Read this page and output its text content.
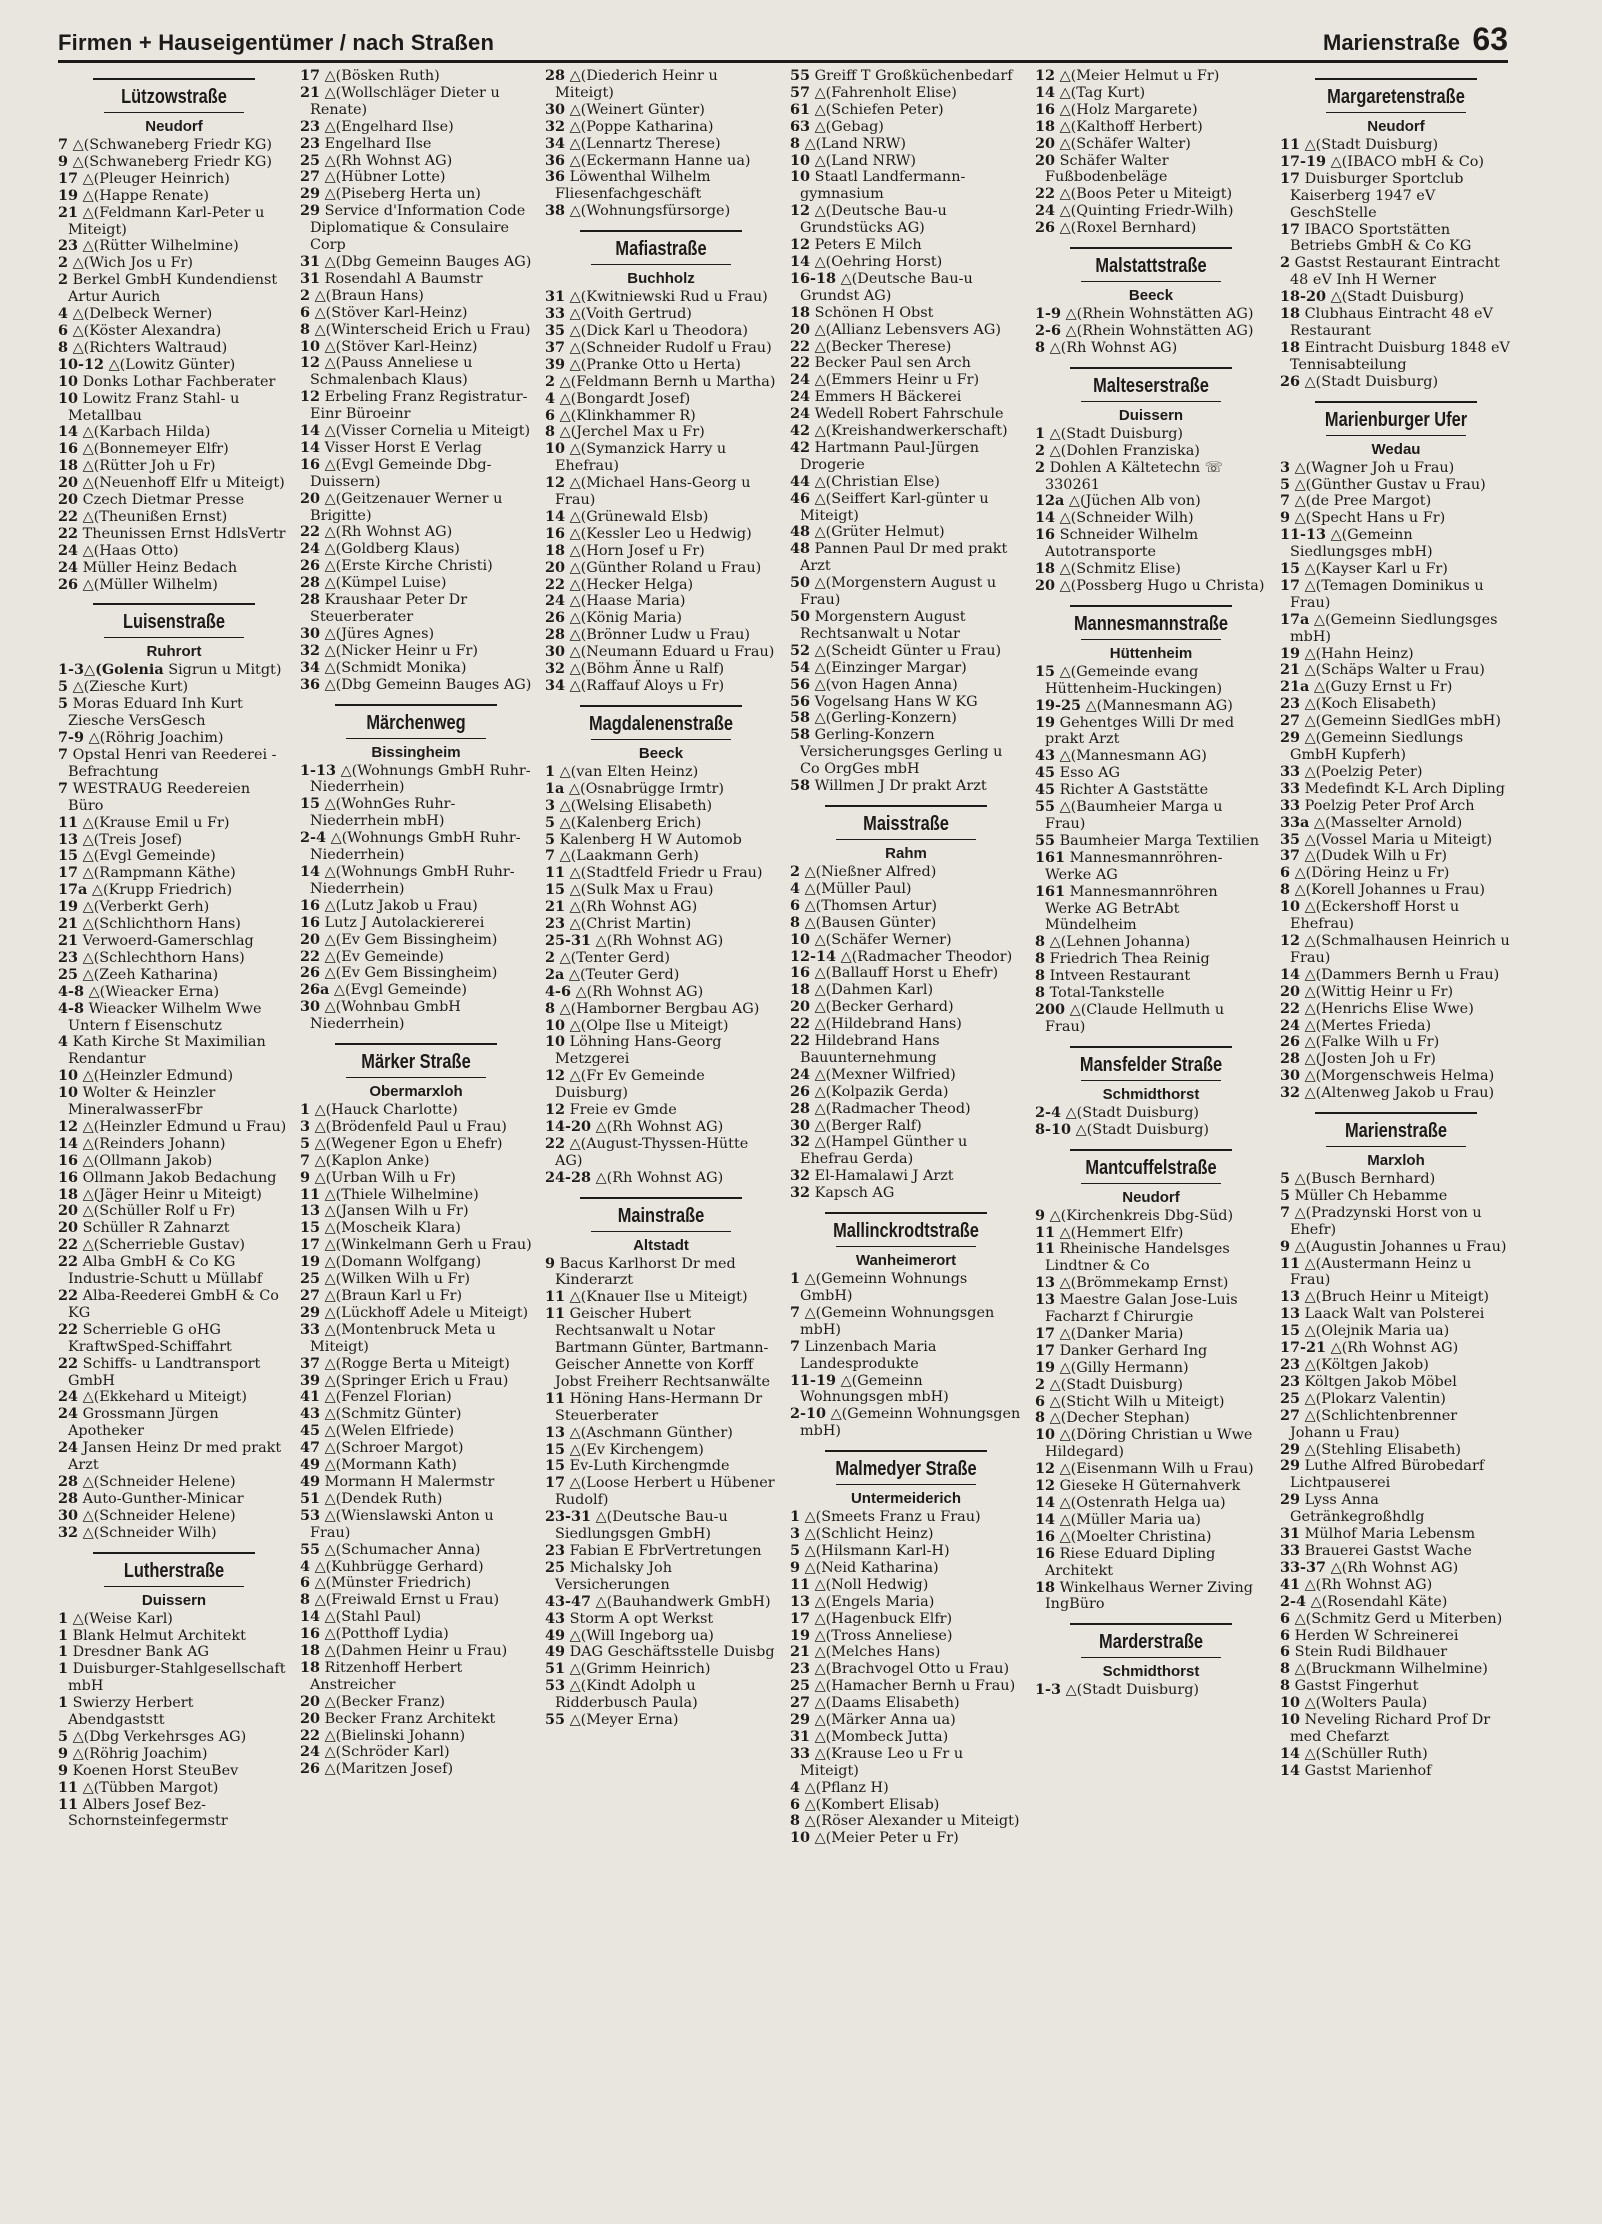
Firmen + Hauseigentümer / nach Straßen	Marienstraße 63
Lützowstraße
Neudorf
7 △(Schwaneberg Friedr KG)
9 △(Schwaneberg Friedr KG)
17 △(Pleuger Heinrich)
19 △(Happe Renate)
21 △(Feldmann Karl-Peter u Miteigt)
23 △(Rütter Wilhelmine)
2 △(Wich Jos u Fr)
2 Berkel GmbH Kundendienst Artur Aurich
4 △(Delbeck Werner)
6 △(Köster Alexandra)
8 △(Richters Waltraud)
10-12 △(Lowitz Günter)
10 Donks Lothar Fachberater
10 Lowitz Franz Stahl- u Metallbau
14 △(Karbach Hilda)
16 △(Bonnemeyer Elfr)
18 △(Rütter Joh u Fr)
20 △(Neuenhoff Elfr u Miteigt)
20 Czech Dietmar Presse
22 △(Theunißen Ernst)
22 Theunissen Ernst HdlsVertr
24 △(Haas Otto)
24 Müller Heinz Bedach
26 △(Müller Wilhelm)
Luisenstraße
Ruhrort
1-3△(Golenia Sigrun u Mitgt)
5 △(Ziesche Kurt)
5 Moras Eduard Inh Kurt Ziesche VersGesch
7-9 △(Röhrig Joachim)
7 Opstal Henri van Reederei - Befrachtung
7 WESTRAUG Reedereien Büro
11 △(Krause Emil u Fr)
13 △(Treis Josef)
15 △(Evgl Gemeinde)
17 △(Rampmann Käthe)
17a △(Krupp Friedrich)
19 △(Verberkt Gerh)
21 △(Schlichthorn Hans)
21 Verwoerd-Gamerschlag
23 △(Schlechthorn Hans)
25 △(Zeeh Katharina)
4-8 △(Wieacker Erna)
4-8 Wieacker Wilhelm Wwe Untern f Eisenschutz
4 Kath Kirche St Maximilian Rendantur
10 △(Heinzler Edmund)
10 Wolter & Heinzler MineralwasserFbr
12 △(Heinzler Edmund u Frau)
14 △(Reinders Johann)
16 △(Ollmann Jakob)
16 Ollmann Jakob Bedachung
18 △(Jäger Heinr u Miteigt)
20 △(Schüller Rolf u Fr)
20 Schüller R Zahnarzt
22 △(Scherrieble Gustav)
22 Alba GmbH & Co KG Industrie-Schutt u Müllabf
22 Alba-Reederei GmbH & Co KG
22 Scherrieble G oHG KraftwSped-Schiffahrt
22 Schiffs- u Landtransport GmbH
24 △(Ekkehard u Miteigt)
24 Grossmann Jürgen Apotheker
24 Jansen Heinz Dr med prakt Arzt
28 △(Schneider Helene)
28 Auto-Gunther-Minicar
30 △(Schneider Helene)
32 △(Schneider Wilh)
Lutherstraße
Duissern
1 △(Weise Karl)
1 Blank Helmut Architekt
1 Dresdner Bank AG
1 Duisburger-Stahlgesellschaft mbH
1 Swierzy Herbert Abendgaststt
5 △(Dbg Verkehrsges AG)
9 △(Röhrig Joachim)
9 Koenen Horst SteuBev
11 △(Tübben Margot)
11 Albers Josef Bez-Schornsteinfegermstr
17 △(Bösken Ruth)
21 △(Wollschläger Dieter u Renate)
23 △(Engelhard Ilse)
23 Engelhard Ilse
25 △(Rh Wohnst AG)
27 △(Hübner Lotte)
29 △(Piseberg Herta un)
29 Service d'Information Code Diplomatique & Consulaire Corp
31 △(Dbg Gemeinn Bauges AG)
31 Rosendahl A Baumstr
2 △(Braun Hans)
6 △(Stöver Karl-Heinz)
8 △(Winterscheid Erich u Frau)
10 △(Stöver Karl-Heinz)
12 △(Pauss Anneliese u Schmalenbach Klaus)
12 Erbeling Franz Registratur-Einr Büroeinr
14 △(Visser Cornelia u Miteigt)
14 Visser Horst E Verlag
16 △(Evgl Gemeinde Dbg-Duissern)
20 △(Geitzenauer Werner u Brigitte)
22 △(Rh Wohnst AG)
24 △(Goldberg Klaus)
26 △(Erste Kirche Christi)
28 △(Kümpel Luise)
28 Kraushaar Peter Dr Steuerberater
30 △(Jüres Agnes)
32 △(Nicker Heinr u Fr)
34 △(Schmidt Monika)
36 △(Dbg Gemeinn Bauges AG)
Märchenweg
Bissingheim
1-13 △(Wohnungs GmbH Ruhr-Niederrhein)
15 △(WohnGes Ruhr-Niederrhein mbH)
2-4 △(Wohnungs GmbH Ruhr-Niederrhein)
14 △(Wohnungs GmbH Ruhr-Niederrhein)
16 △(Lutz Jakob u Frau)
16 Lutz J Autolackiererei
20 △(Ev Gem Bissingheim)
22 △(Ev Gemeinde)
26 △(Ev Gem Bissingheim)
26a △(Evgl Gemeinde)
30 △(Wohnbau GmbH Niederrhein)
Märker Straße
Obermarxloh
1 △(Hauck Charlotte)
3 △(Brödenfeld Paul u Frau)
5 △(Wegener Egon u Ehefr)
7 △(Kaplon Anke)
9 △(Urban Wilh u Fr)
11 △(Thiele Wilhelmine)
13 △(Jansen Wilh u Fr)
15 △(Moscheik Klara)
17 △(Winkelmann Gerh u Frau)
19 △(Domann Wolfgang)
25 △(Wilken Wilh u Fr)
27 △(Braun Karl u Fr)
29 △(Lückhoff Adele u Miteigt)
33 △(Montenbruck Meta u Miteigt)
37 △(Rogge Berta u Miteigt)
39 △(Springer Erich u Frau)
41 △(Fenzel Florian)
43 △(Schmitz Günter)
45 △(Welen Elfriede)
47 △(Schroer Margot)
49 △(Mormann Kath)
49 Mormann H Malermstr
51 △(Dendek Ruth)
53 △(Wienslawski Anton u Frau)
55 △(Schumacher Anna)
4 △(Kuhbrügge Gerhard)
6 △(Münster Friedrich)
8 △(Freiwald Ernst u Frau)
14 △(Stahl Paul)
16 △(Potthoff Lydia)
18 △(Dahmen Heinr u Frau)
18 Ritzenhoff Herbert Anstreicher
20 △(Becker Franz)
20 Becker Franz Architekt
22 △(Bielinski Johann)
24 △(Schröder Karl)
26 △(Maritzen Josef)
28 △(Diederich Heinr u Miteigt)
30 △(Weinert Günter)
32 △(Poppe Katharina)
34 △(Lennartz Therese)
36 △(Eckermann Hanne ua)
36 Löwenthal Wilhelm Fliesenfachgeschäft
38 △(Wohnungsfürsorge)
Mafiastraße
Buchholz
31 △(Kwitniewski Rud u Frau)
33 △(Voith Gertrud)
35 △(Dick Karl u Theodora)
37 △(Schneider Rudolf u Frau)
39 △(Pranke Otto u Herta)
2 △(Feldmann Bernh u Martha)
4 △(Bongardt Josef)
6 △(Klinkhammer R)
8 △(Jerchel Max u Fr)
10 △(Symanzick Harry u Ehefrau)
12 △(Michael Hans-Georg u Frau)
14 △(Grünewald Elsb)
16 △(Kessler Leo u Hedwig)
18 △(Horn Josef u Fr)
20 △(Günther Roland u Frau)
22 △(Hecker Helga)
24 △(Haase Maria)
26 △(König Maria)
28 △(Brönner Ludw u Frau)
30 △(Neumann Eduard u Frau)
32 △(Böhm Änne u Ralf)
34 △(Raffauf Aloys u Fr)
Magdalenenstraße
Beeck
1 △(van Elten Heinz)
1a △(Osnabrügge Irmtr)
3 △(Welsing Elisabeth)
5 △(Kalenberg Erich)
5 Kalenberg H W Automob
7 △(Laakmann Gerh)
11 △(Stadtfeld Friedr u Frau)
15 △(Sulk Max u Frau)
21 △(Rh Wohnst AG)
23 △(Christ Martin)
25-31 △(Rh Wohnst AG)
2 △(Tenter Gerd)
2a △(Teuter Gerd)
4-6 △(Rh Wohnst AG)
8 △(Hamborner Bergbau AG)
10 △(Olpe Ilse u Miteigt)
10 Löhning Hans-Georg Metzgerei
12 △(Fr Ev Gemeinde Duisburg)
12 Freie ev Gmde
14-20 △(Rh Wohnst AG)
22 △(August-Thyssen-Hütte AG)
24-28 △(Rh Wohnst AG)
Mainstraße
Altstadt
9 Bacus Karlhorst Dr med Kinderarzt
11 △(Knauer Ilse u Miteigt)
11 Geischer Hubert Rechtsanwalt u Notar Bartmann Günter, Bartmann-Geischer Annette von Korff Jobst Freiherr Rechtsanwälte
11 Höning Hans-Hermann Dr Steuerberater
13 △(Aschmann Günther)
15 △(Ev Kirchengem)
15 Ev-Luth Kirchengmde
17 △(Loose Herbert u Hübener Rudolf)
23-31 △(Deutsche Bau-u Siedlungsgen GmbH)
23 Fabian E FbrVertretungen
25 Michalsky Joh Versicherungen
43-47 △(Bauhandwerk GmbH)
43 Storm A opt Werkst
49 △(Will Ingeborg ua)
49 DAG Geschäftsstelle Duisbg
51 △(Grimm Heinrich)
53 △(Kindt Adolph u Ridderbusch Paula)
55 △(Meyer Erna)
55 Greiff T Großküchenbedarf
57 △(Fahrenholt Elise)
61 △(Schiefen Peter)
63 △(Gebag)
8 △(Land NRW)
10 △(Land NRW)
10 Staatl Landfermann-gymnasium
12 △(Deutsche Bau-u Grundstücks AG)
12 Peters E Milch
14 △(Oehring Horst)
16-18 △(Deutsche Bau-u Grundst AG)
18 Schönen H Obst
20 △(Allianz Lebensvers AG)
22 △(Becker Therese)
22 Becker Paul sen Arch
24 △(Emmers Heinr u Fr)
24 Emmers H Bäckerei
24 Wedell Robert Fahrschule
42 △(Kreishandwerkerschaft)
42 Hartmann Paul-Jürgen Drogerie
44 △(Christian Else)
46 △(Seiffert Karl-günter u Miteigt)
48 △(Grüter Helmut)
48 Pannen Paul Dr med prakt Arzt
50 △(Morgenstern August u Frau)
50 Morgenstern August Rechtsanwalt u Notar
52 △(Scheidt Günter u Frau)
54 △(Einzinger Margar)
56 △(von Hagen Anna)
56 Vogelsang Hans W KG
58 △(Gerling-Konzern)
58 Gerling-Konzern Versicherungsges Gerling u Co OrgGes mbH
58 Willmen J Dr prakt Arzt
Maisstraße
Rahm
2 △(Nießner Alfred)
4 △(Müller Paul)
6 △(Thomsen Artur)
8 △(Bausen Günter)
10 △(Schäfer Werner)
12-14 △(Radmacher Theodor)
16 △(Ballauff Horst u Ehefr)
18 △(Dahmen Karl)
20 △(Becker Gerhard)
22 △(Hildebrand Hans)
22 Hildebrand Hans Bauunternehmung
24 △(Mexner Wilfried)
26 △(Kolpazik Gerda)
28 △(Radmacher Theod)
30 △(Berger Ralf)
32 △(Hampel Günther u Ehefrau Gerda)
32 El-Hamalawi J Arzt
32 Kapsch AG
Mallinckrodtstraße
Wanheimerort
1 △(Gemeinn Wohnungs GmbH)
7 △(Gemeinn Wohnungsgen mbH)
7 Linzenbach Maria Landesprodukte
11-19 △(Gemeinn Wohnungsgen mbH)
2-10 △(Gemeinn Wohnungsgen mbH)
Malmedyer Straße
Untermeiderich
1 △(Smeets Franz u Frau)
3 △(Schlicht Heinz)
5 △(Hilsmann Karl-H)
9 △(Neid Katharina)
11 △(Noll Hedwig)
13 △(Engels Maria)
17 △(Hagenbuck Elfr)
19 △(Tross Anneliese)
21 △(Melches Hans)
23 △(Brachvogel Otto u Frau)
25 △(Hamacher Bernh u Frau)
27 △(Daams Elisabeth)
29 △(Märker Anna ua)
31 △(Mombeck Jutta)
33 △(Krause Leo u Fr u Miteigt)
4 △(Pflanz H)
6 △(Kombert Elisab)
8 △(Röser Alexander u Miteigt)
10 △(Meier Peter u Fr)
12 △(Meier Helmut u Fr)
14 △(Tag Kurt)
16 △(Holz Margarete)
18 △(Kalthoff Herbert)
20 △(Schäfer Walter)
20 Schäfer Walter Fußbodenbeläge
22 △(Boos Peter u Miteigt)
24 △(Quinting Friedr-Wilh)
26 △(Roxel Bernhard)
Malstattstraße
Beeck
1-9 △(Rhein Wohnstätten AG)
2-6 △(Rhein Wohnstätten AG)
8 △(Rh Wohnst AG)
Malteserstraße
Duissern
1 △(Stadt Duisburg)
2 △(Dohlen Franziska)
2 Dohlen A Kältetechn ☏ 330261
12a △(Jüchen Alb von)
14 △(Schneider Wilh)
16 Schneider Wilhelm Autotransporte
18 △(Schmitz Elise)
20 △(Possberg Hugo u Christa)
Mannesmannstraße
Hüttenheim
15 △(Gemeinde evang Hüttenheim-Huckingen)
19-25 △(Mannesmann AG)
19 Gehentges Willi Dr med prakt Arzt
43 △(Mannesmann AG)
45 Esso AG
45 Richter A Gaststätte
55 △(Baumheier Marga u Frau)
55 Baumheier Marga Textilien
161 Mannesmannröhren-Werke AG
161 Mannesmannröhren Werke AG BetrAbt Mündelheim
8 △(Lehnen Johanna)
8 Friedrich Thea Reinig
8 Intveen Restaurant
8 Total-Tankstelle
200 △(Claude Hellmuth u Frau)
Mansfelder Straße
Schmidthorst
2-4 △(Stadt Duisburg)
8-10 △(Stadt Duisburg)
Mantcuffelstraße
Neudorf
9 △(Kirchenkreis Dbg-Süd)
11 △(Hemmert Elfr)
11 Rheinische Handelsges Lindtner & Co
13 △(Brömmekamp Ernst)
13 Maestre Galan Jose-Luis Facharzt f Chirurgie
17 △(Danker Maria)
17 Danker Gerhard Ing
19 △(Gilly Hermann)
2 △(Stadt Duisburg)
6 △(Sticht Wilh u Miteigt)
8 △(Decher Stephan)
10 △(Döring Christian u Wwe Hildegard)
12 △(Eisenmann Wilh u Frau)
12 Gieseke H Güternahverk
14 △(Ostenrath Helga ua)
14 △(Müller Maria ua)
16 △(Moelter Christina)
16 Riese Eduard Dipling Architekt
18 Winkelhaus Werner Ziving IngBüro
Marderstraße
Schmidthorst
1-3 △(Stadt Duisburg)
Margaretenstraße
Neudorf
11 △(Stadt Duisburg)
17-19 △(IBACO mbH & Co)
17 Duisburger Sportclub Kaiserberg 1947 eV GeschStelle
17 IBACO Sportstätten Betriebs GmbH & Co KG
2 Gastst Restaurant Eintracht 48 eV Inh H Werner
18-20 △(Stadt Duisburg)
18 Clubhaus Eintracht 48 eV Restaurant
18 Eintracht Duisburg 1848 eV Tennisabteilung
26 △(Stadt Duisburg)
Marienburger Ufer
Wedau
3 △(Wagner Joh u Frau)
5 △(Günther Gustav u Frau)
7 △(de Pree Margot)
9 △(Specht Hans u Fr)
11-13 △(Gemeinn Siedlungsges mbH)
15 △(Kayser Karl u Fr)
17 △(Temagen Dominikus u Frau)
17a △(Gemeinn Siedlungsges mbH)
19 △(Hahn Heinz)
21 △(Schäps Walter u Frau)
21a △(Guzy Ernst u Fr)
23 △(Koch Elisabeth)
27 △(Gemeinn SiedlGes mbH)
29 △(Gemeinn Siedlungs GmbH Kupferh)
33 △(Poelzig Peter)
33 Medefindt K-L Arch Dipling
33 Poelzig Peter Prof Arch
33a △(Masselter Arnold)
35 △(Vossel Maria u Miteigt)
37 △(Dudek Wilh u Fr)
6 △(Döring Heinz u Fr)
8 △(Korell Johannes u Frau)
10 △(Eckershoff Horst u Ehefrau)
12 △(Schmalhausen Heinrich u Frau)
14 △(Dammers Bernh u Frau)
20 △(Wittig Heinr u Fr)
22 △(Henrichs Elise Wwe)
24 △(Mertes Frieda)
26 △(Falke Wilh u Fr)
28 △(Josten Joh u Fr)
30 △(Morgenschweis Helma)
32 △(Altenweg Jakob u Frau)
Marienstraße
Marxloh
5 △(Busch Bernhard)
5 Müller Ch Hebamme
7 △(Pradzynski Horst von u Ehefr)
9 △(Augustin Johannes u Frau)
11 △(Austermann Heinz u Frau)
13 △(Bruch Heinr u Miteigt)
13 Laack Walt van Polsterei
15 △(Olejnik Maria ua)
17-21 △(Rh Wohnst AG)
23 △(Költgen Jakob)
23 Költgen Jakob Möbel
25 △(Plokarz Valentin)
27 △(Schlichtenbrenner Johann u Frau)
29 △(Stehling Elisabeth)
29 Luthe Alfred Bürobedarf Lichtpauserei
29 Lyss Anna Getränkegroßhdlg
31 Mülhof Maria Lebensm
33 Brauerei Gastst Wache
33-37 △(Rh Wohnst AG)
41 △(Rh Wohnst AG)
2-4 △(Rosendahl Käte)
6 △(Schmitz Gerd u Miterben)
6 Herden W Schreinerei
6 Stein Rudi Bildhauer
8 △(Bruckmann Wilhelmine)
8 Gastst Fingerhut
10 △(Wolters Paula)
10 Neveling Richard Prof Dr med Chefarzt
14 △(Schüller Ruth)
14 Gastst Marienhof
